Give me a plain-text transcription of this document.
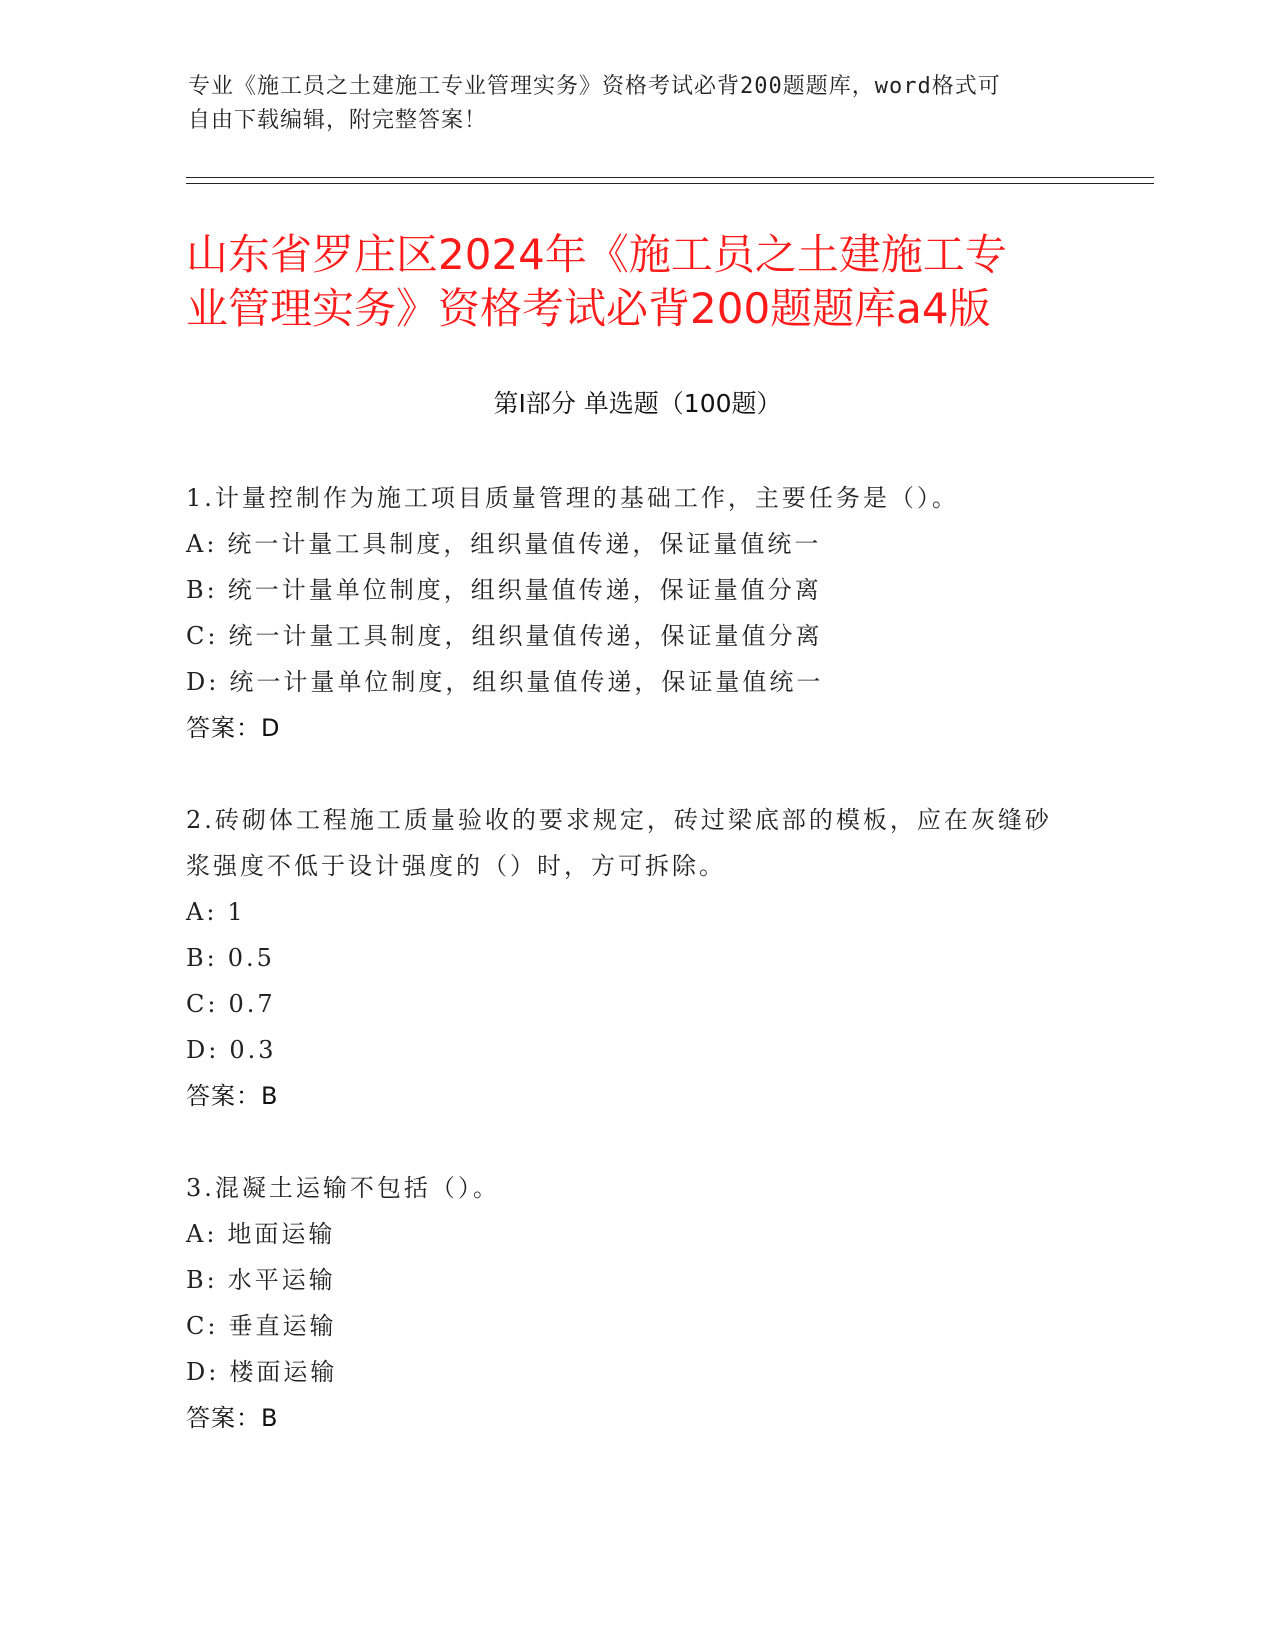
专业《施工员之土建施工专业管理实务》资格考试必背200题题库，word格式可
自由下载编辑，附完整答案！
山东省罗庄区2024年《施工员之土建施工专
业管理实务》资格考试必背200题题库a4版
第Ⅰ部分 单选题（100题）
1.计量控制作为施工项目质量管理的基础工作，主要任务是（）。
A: 统一计量工具制度，组织量值传递，保证量值统一
B: 统一计量单位制度，组织量值传递，保证量值分离
C: 统一计量工具制度，组织量值传递，保证量值分离
D: 统一计量单位制度，组织量值传递，保证量值统一
答案：D
2.砖砌体工程施工质量验收的要求规定，砖过梁底部的模板，应在灰缝砂浆强度不低于设计强度的（）时，方可拆除。
A: 1
B: 0.5
C: 0.7
D: 0.3
答案：B
3.混凝土运输不包括（）。
A: 地面运输
B: 水平运输
C: 垂直运输
D: 楼面运输
答案：B
